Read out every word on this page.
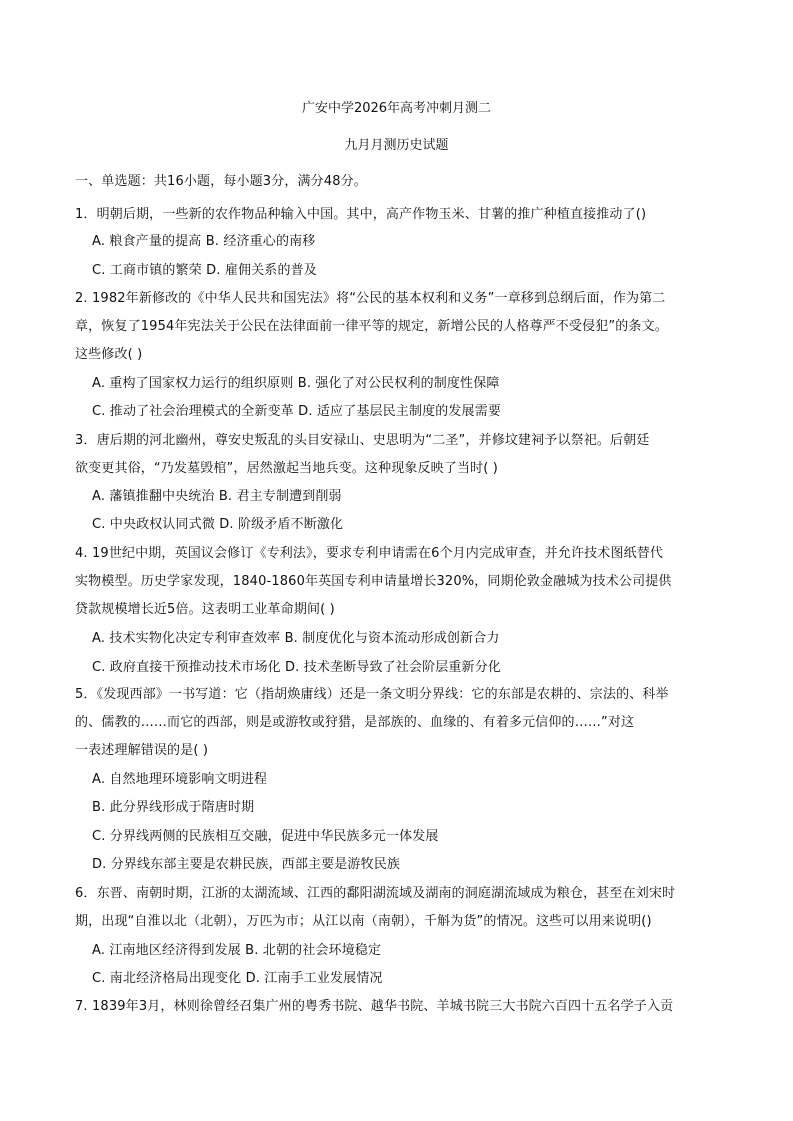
广安中学2026年高考冲刺月测二
九月月测历史试题
一、单选题：共16小题，每小题3分，满分48分。
1．明朝后期，一些新的农作物品种输入中国。其中，高产作物玉米、甘薯的推广种植直接推动了()
A. 粮食产量的提高 B. 经济重心的南移
C. 工商市镇的繁荣 D. 雇佣关系的普及
2. 1982年新修改的《中华人民共和国宪法》将“公民的基本权利和义务”一章移到总纲后面，作为第二
章，恢复了1954年宪法关于公民在法律面前一律平等的规定，新增公民的人格尊严不受侵犯”的条文。
这些修改( )
A. 重构了国家权力运行的组织原则 B. 强化了对公民权利的制度性保障
C. 推动了社会治理模式的全新变革 D. 适应了基层民主制度的发展需要
3．唐后期的河北幽州，尊安史叛乱的头目安禄山、史思明为“二圣”，并修坟建祠予以祭祀。后朝廷
欲变更其俗，“乃发墓毁棺”，居然激起当地兵变。这种现象反映了当时( )
A. 藩镇推翻中央统治 B. 君主专制遭到削弱
C. 中央政权认同式微 D. 阶级矛盾不断激化
4. 19世纪中期，英国议会修订《专利法》，要求专利申请需在6个月内完成审查，并允许技术图纸替代
实物模型。历史学家发现，1840-1860年英国专利申请量增长320%，同期伦敦金融城为技术公司提供
贷款规模增长近5倍。这表明工业革命期间( )
A. 技术实物化决定专利审查效率 B. 制度优化与资本流动形成创新合力
C. 政府直接干预推动技术市场化 D. 技术垄断导致了社会阶层重新分化
5．《发现西部》一书写道：它（指胡焕庸线）还是一条文明分界线：它的东部是农耕的、宗法的、科举
的、儒教的……而它的西部，则是或游牧或狩猎，是部族的、血缘的、有着多元信仰的……”对这
一表述理解错误的是( )
A. 自然地理环境影响文明进程
B. 此分界线形成于隋唐时期
C. 分界线两侧的民族相互交融，促进中华民族多元一体发展
D. 分界线东部主要是农耕民族，西部主要是游牧民族
6．东晋、南朝时期，江浙的太湖流域、江西的鄱阳湖流域及湖南的洞庭湖流域成为粮仓，甚至在刘宋时
期，出现“自淮以北（北朝），万匹为市；从江以南（南朝），千斛为货”的情况。这些可以用来说明()
A. 江南地区经济得到发展 B. 北朝的社会环境稳定
C. 南北经济格局出现变化 D. 江南手工业发展情况
7. 1839年3月，林则徐曾经召集广州的粤秀书院、越华书院、羊城书院三大书院六百四十五名学子入贡
